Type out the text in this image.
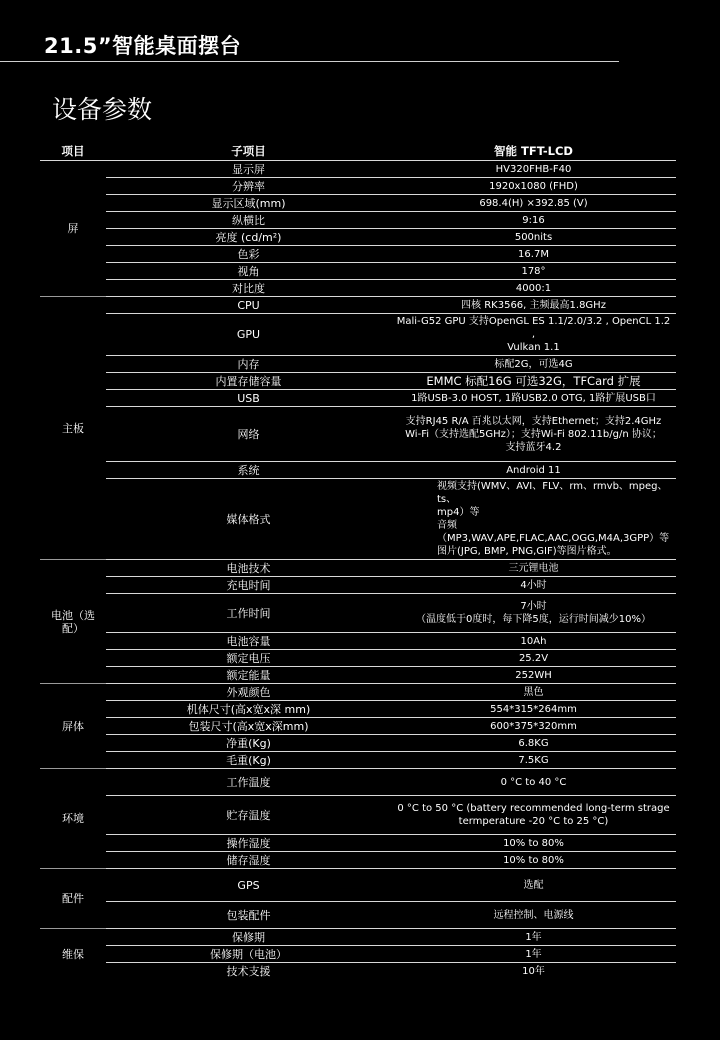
21.5”智能桌面摆台
设备参数
项目	子项目	智能 TFT-LCD
屏	显示屏	HV320FHB-F40

	分辨率	1920x1080 (FHD)

	显示区域(mm)	698.4(H) ×392.85 (V)

	纵横比	9:16

	亮度 (cd/m²)	500nits

	色彩	16.7M

	视角	178°

	对比度	4000:1

主板	CPU	四核 RK3566, 主频最高1.8GHz

	GPU	Mali-G52 GPU 支持OpenGL ES 1.1/2.0/3.2 , OpenCL 1.2 ,
Vulkan 1.1

	内存	标配2G，可选4G

	内置存储容量	EMMC 标配16G 可选32G，TFCard 扩展

	USB	1路USB-3.0 HOST, 1路USB2.0 OTG, 1路扩展USB口

	网络	支持RJ45 R/A 百兆以太网，支持Ethernet；支持2.4GHz
Wi-Fi（支持选配5GHz）；支持Wi-Fi 802.11b/g/n 协议；
支持蓝牙4.2

	系统	Android 11

	媒体格式	视频支持(WMV、AVI、FLV、rm、rmvb、mpeg、ts、
mp4）等
音频（MP3,WAV,APE,FLAC,AAC,OGG,M4A,3GPP）等
图片(JPG, BMP, PNG,GIF)等图片格式。

电池（选配）	电池技术	三元锂电池

	充电时间	4小时

	工作时间	7小时
（温度低于0度时，每下降5度，运行时间减少10%）

	电池容量	10Ah

	额定电压	25.2V

	额定能量	252WH

屏体	外观颜色	黑色

	机体尺寸(高x宽x深 mm)	554*315*264mm

	包装尺寸(高x宽x深mm)	600*375*320mm

	净重(Kg)	6.8KG

	毛重(Kg)	7.5KG

环境	工作温度	0 °C to 40 °C

	贮存温度	0 °C to 50 °C (battery recommended long-term strage
termperature -20 °C to 25 °C)

	操作湿度	10% to 80%

	储存湿度	10% to 80%

配件	GPS	选配

	包装配件	远程控制、电源线

维保	保修期	1年

	保修期（电池）	1年

	技术支援	10年
